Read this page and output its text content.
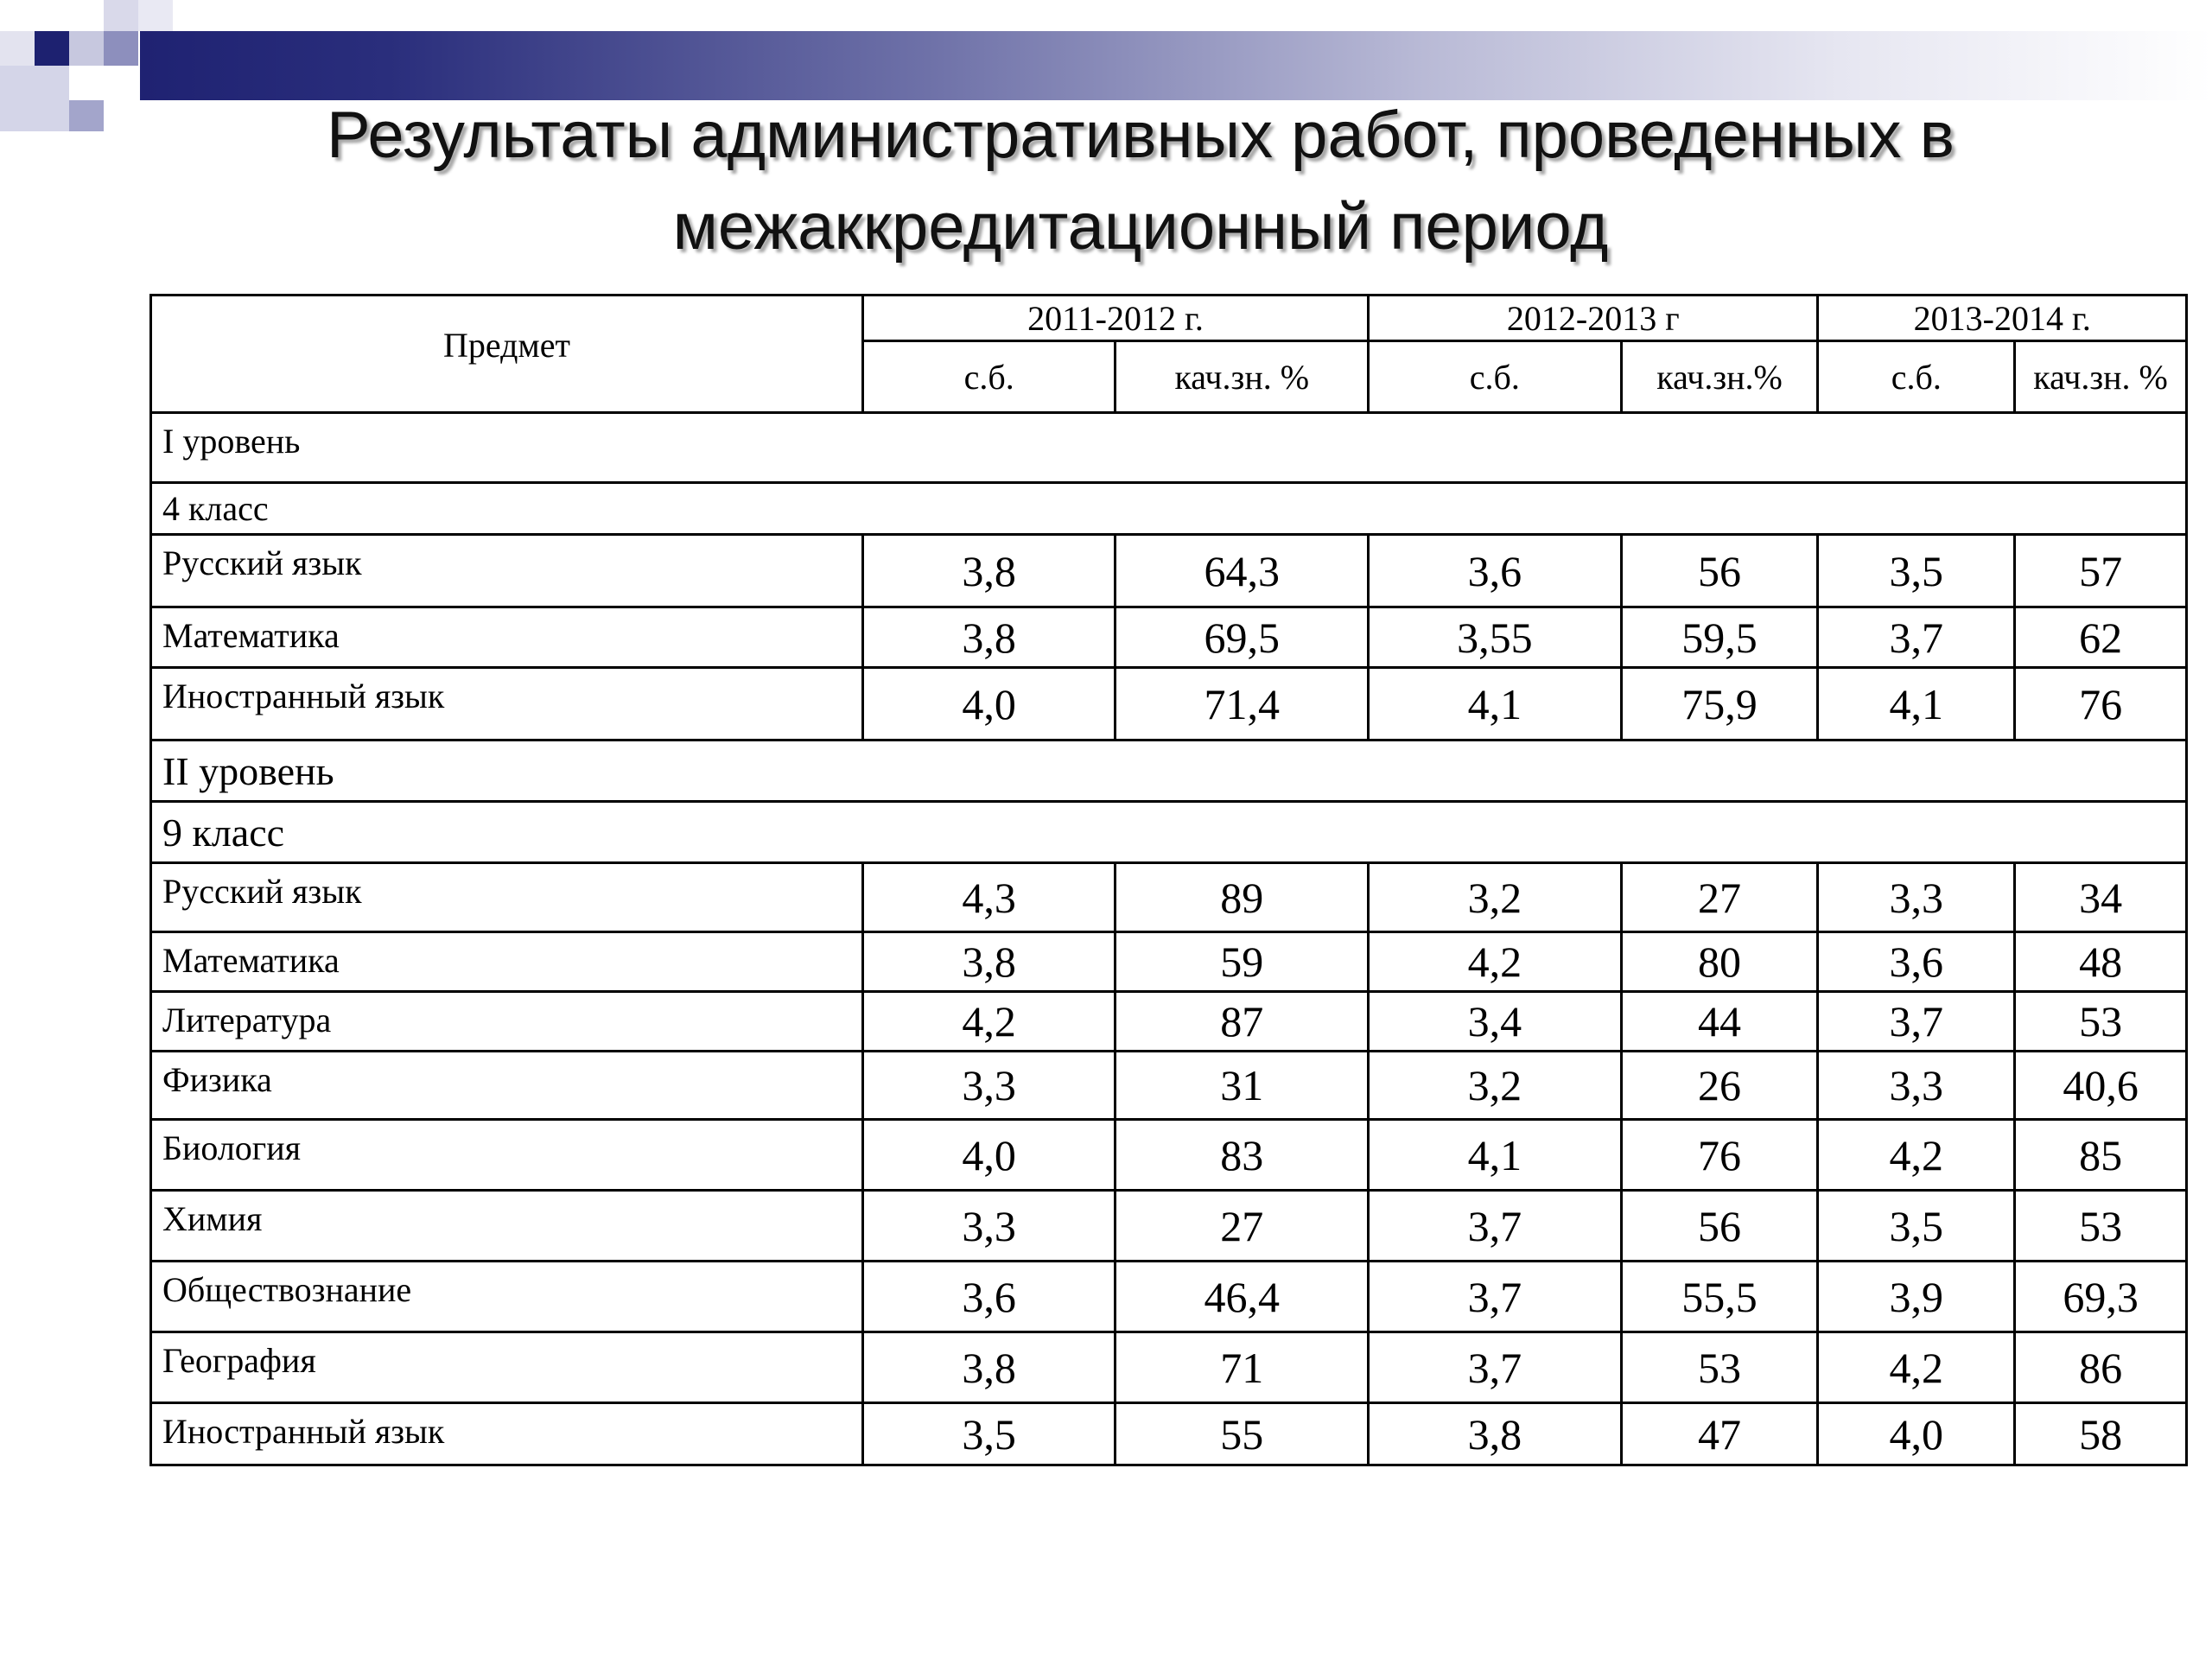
Результаты административных работ, проведенных в
межаккредитационный период
Предмет	2011-2012 г.		2012-2013 г		2013-2014 г.	
	с.б.	кач.зн. %	с.б.	кач.зн.%	с.б.	кач.зн. %
I уровень						
4 класс						
Русский язык	3,8	64,3	3,6	56	3,5	57
Математика	3,8	69,5	3,55	59,5	3,7	62
Иностранный язык	4,0	71,4	4,1	75,9	4,1	76
II уровень						
9 класс						
Русский язык	4,3	89	3,2	27	3,3	34
Математика	3,8	59	4,2	80	3,6	48
Литература	4,2	87	3,4	44	3,7	53
Физика	3,3	31	3,2	26	3,3	40,6
Биология	4,0	83	4,1	76	4,2	85
Химия	3,3	27	3,7	56	3,5	53
Обществознание	3,6	46,4	3,7	55,5	3,9	69,3
География	3,8	71	3,7	53	4,2	86
Иностранный язык	3,5	55	3,8	47	4,0	58
